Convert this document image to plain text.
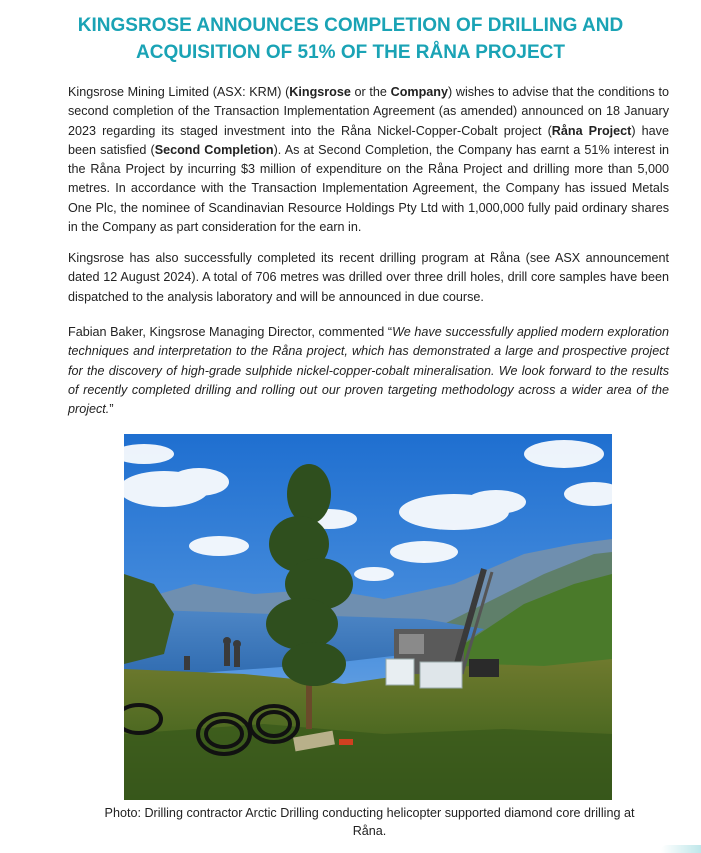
KINGSROSE ANNOUNCES COMPLETION OF DRILLING AND
ACQUISITION OF 51% OF THE RÅNA PROJECT

Kingsrose Mining Limited (ASX: KRM) (Kingsrose or the Company) wishes to advise that the conditions to second completion of the Transaction Implementation Agreement (as amended) announced on 18 January 2023 regarding its staged investment into the Råna Nickel-Copper-Cobalt project (Råna Project) have been satisfied (Second Completion). As at Second Completion, the Company has earnt a 51% interest in the Råna Project by incurring $3 million of expenditure on the Råna Project and drilling more than 5,000 metres. In accordance with the Transaction Implementation Agreement, the Company has issued Metals One Plc, the nominee of Scandinavian Resource Holdings Pty Ltd with 1,000,000 fully paid ordinary shares in the Company as part consideration for the earn in.

Kingsrose has also successfully completed its recent drilling program at Råna (see ASX announcement dated 12 August 2024). A total of 706 metres was drilled over three drill holes, drill core samples have been dispatched to the analysis laboratory and will be announced in due course.

Fabian Baker, Kingsrose Managing Director, commented “We have successfully applied modern exploration techniques and interpretation to the Råna project, which has demonstrated a large and prospective project for the discovery of high-grade sulphide nickel-copper-cobalt mineralisation. We look forward to the results of recently completed drilling and rolling out our proven targeting methodology across a wider area of the project.”

Photo: Drilling contractor Arctic Drilling conducting helicopter supported diamond core drilling at
Råna.
